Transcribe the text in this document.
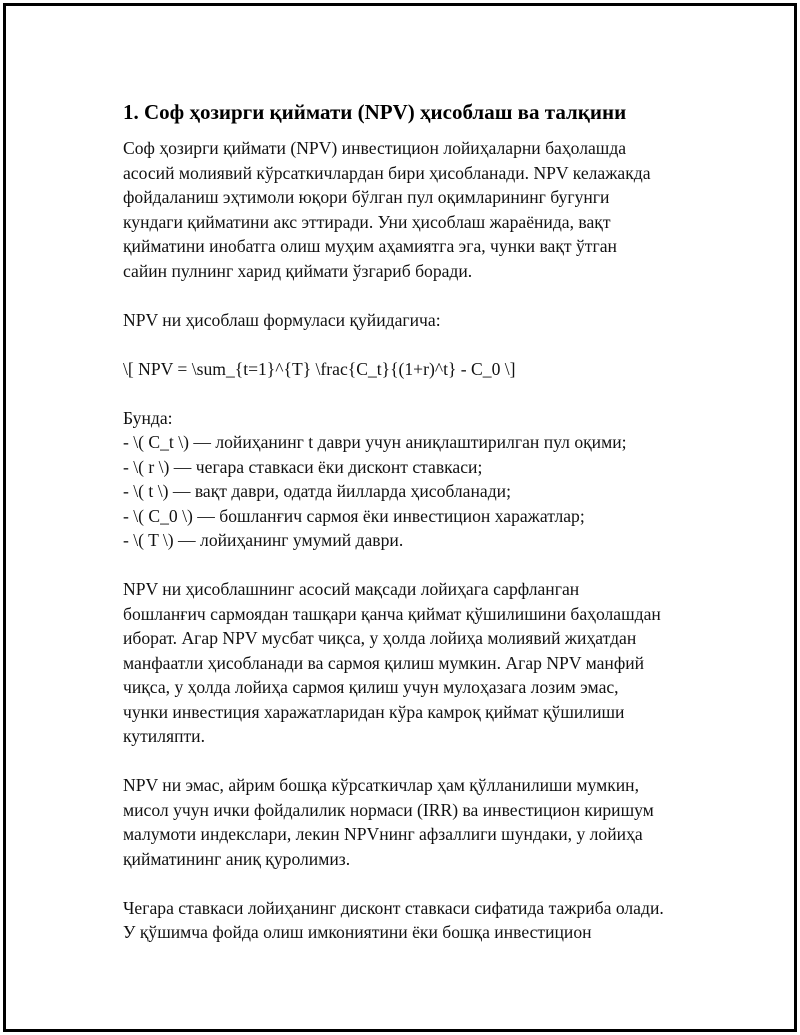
1. Соф ҳозирги қиймати (NPV) ҳисоблаш ва талқини

Соф ҳозирги қиймати (NPV) инвестицион лойиҳаларни баҳолашда
асосий молиявий кўрсаткичлардан бири ҳисобланади. NPV келажакда
фойдаланиш эҳтимоли юқори бўлган пул оқимларининг бугунги
кундаги қийматини акс эттиради. Уни ҳисоблаш жараёнида, вақт
қийматини инобатга олиш муҳим аҳамиятга эга, чунки вақт ўтган
сайин пулнинг харид қиймати ўзгариб боради.

NPV ни ҳисоблаш формуласи қуйидагича:

\[ NPV = \sum_{t=1}^{T} \frac{C_t}{(1+r)^t} - C_0 \]

Бунда:
- \( C_t \) — лойиҳанинг t даври учун аниқлаштирилган пул оқими;
- \( r \) — чегара ставкаси ёки дисконт ставкаси;
- \( t \) — вақт даври, одатда йилларда ҳисобланади;
- \( C_0 \) — бошланғич сармоя ёки инвестицион харажатлар;
- \( T \) — лойиҳанинг умумий даври.

NPV ни ҳисоблашнинг асосий мақсади лойиҳага сарфланган
бошланғич сармоядан ташқари қанча қиймат қўшилишини баҳолашдан
иборат. Агар NPV мусбат чиқса, у ҳолда лойиҳа молиявий жиҳатдан
манфаатли ҳисобланади ва сармоя қилиш мумкин. Агар NPV манфий
чиқса, у ҳолда лойиҳа сармоя қилиш учун мулоҳазага лозим эмас,
чунки инвестиция харажатларидан кўра камроқ қиймат қўшилиши
кутиляпти.

NPV ни эмас, айрим бошқа кўрсаткичлар ҳам қўлланилиши мумкин,
мисол учун ички фойдалилик нормаси (IRR) ва инвестицион киришум
малумоти индекслари, лекин NPVнинг афзаллиги шундаки, у лойиҳа
қийматининг аниқ қуролимиз.

Чегара ставкаси лойиҳанинг дисконт ставкаси сифатида тажриба олади.
У қўшимча фойда олиш имкониятини ёки бошқа инвестицион
